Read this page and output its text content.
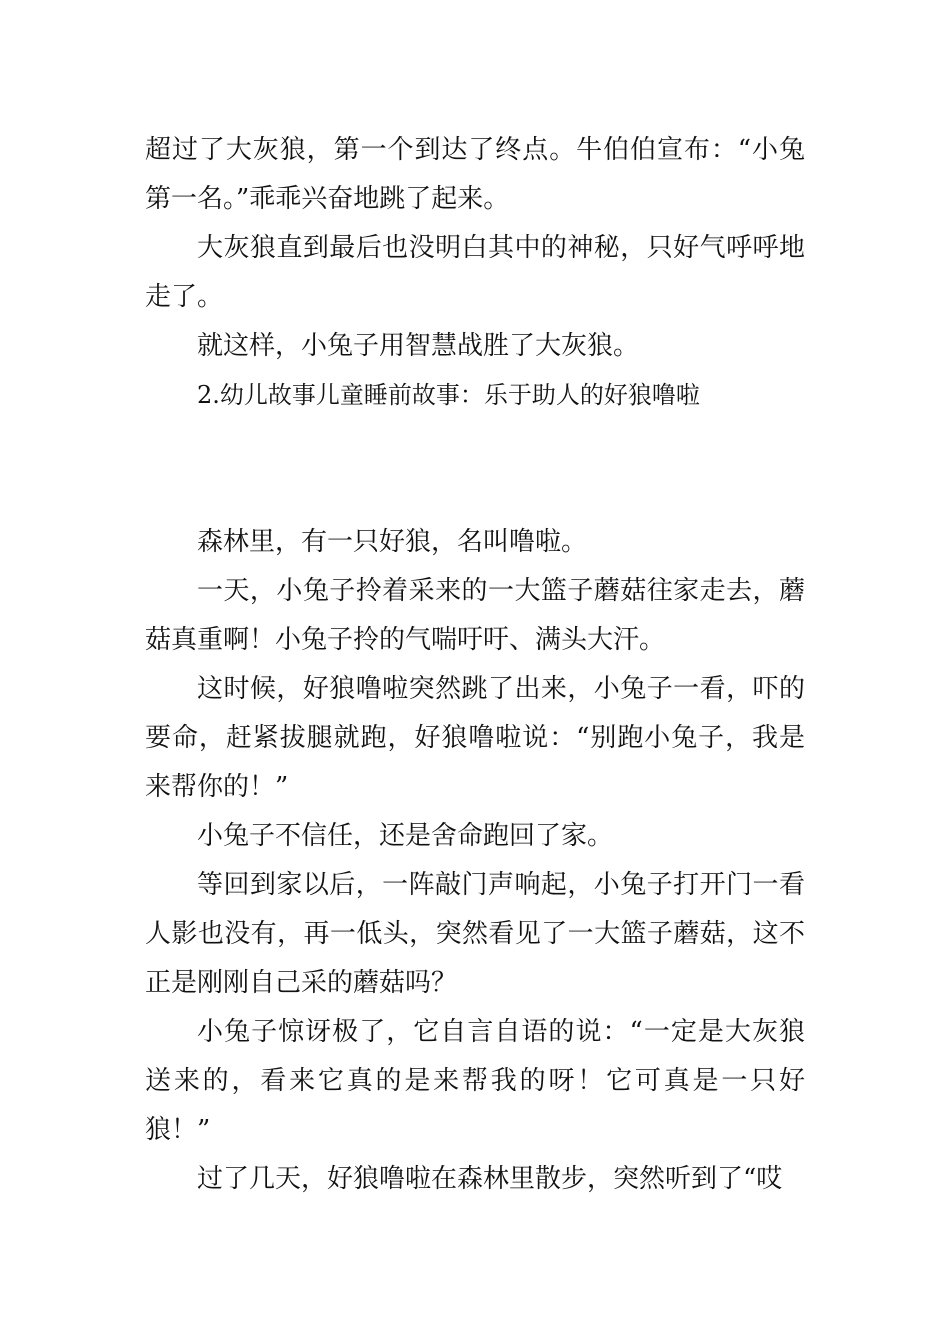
超过了大灰狼，第一个到达了终点。牛伯伯宣布：“小兔第一名。”乖乖兴奋地跳了起来。

大灰狼直到最后也没明白其中的神秘，只好气呼呼地走了。

就这样，小兔子用智慧战胜了大灰狼。

2.幼儿故事儿童睡前故事：乐于助人的好狼噜啦

森林里，有一只好狼，名叫噜啦。

一天，小兔子拎着采来的一大篮子蘑菇往家走去，蘑菇真重啊！小兔子拎的气喘吁吁、满头大汗。

这时候，好狼噜啦突然跳了出来，小兔子一看，吓的要命，赶紧拔腿就跑，好狼噜啦说：“别跑小兔子，我是来帮你的！”

小兔子不信任，还是舍命跑回了家。

等回到家以后，一阵敲门声响起，小兔子打开门一看人影也没有，再一低头，突然看见了一大篮子蘑菇，这不正是刚刚自己采的蘑菇吗？

小兔子惊讶极了，它自言自语的说：“一定是大灰狼送来的，看来它真的是来帮我的呀！它可真是一只好狼！”

过了几天，好狼噜啦在森林里散步，突然听到了“哎
